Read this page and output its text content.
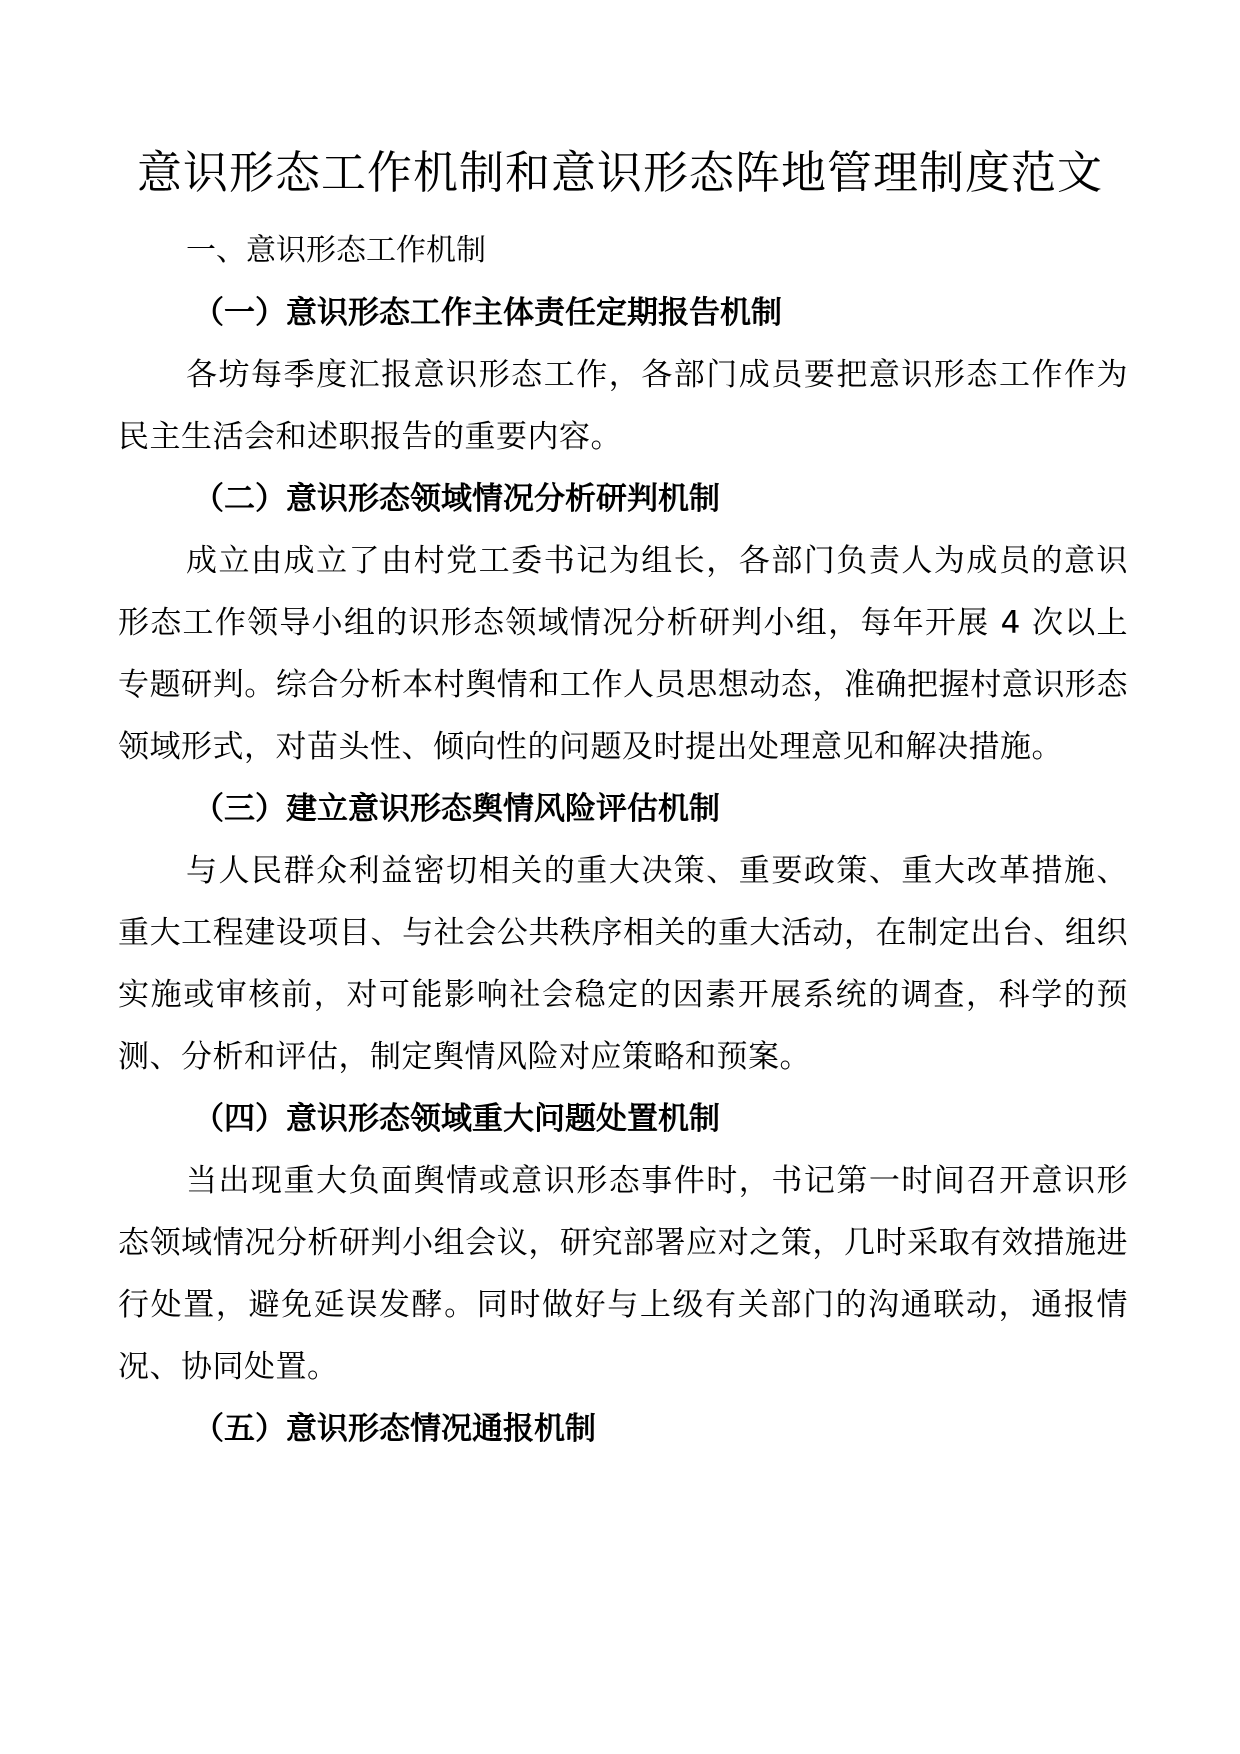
意识形态工作机制和意识形态阵地管理制度范文

一、意识形态工作机制

（一）意识形态工作主体责任定期报告机制

各坊每季度汇报意识形态工作，各部门成员要把意识形态工作作为民主生活会和述职报告的重要内容。

（二）意识形态领域情况分析研判机制

成立由成立了由村党工委书记为组长，各部门负责人为成员的意识形态工作领导小组的识形态领域情况分析研判小组，每年开展 4 次以上专题研判。综合分析本村舆情和工作人员思想动态，准确把握村意识形态领域形式，对苗头性、倾向性的问题及时提出处理意见和解决措施。

（三）建立意识形态舆情风险评估机制

与人民群众利益密切相关的重大决策、重要政策、重大改革措施、重大工程建设项目、与社会公共秩序相关的重大活动，在制定出台、组织实施或审核前，对可能影响社会稳定的因素开展系统的调查，科学的预测、分析和评估，制定舆情风险对应策略和预案。

（四）意识形态领域重大问题处置机制

当出现重大负面舆情或意识形态事件时，书记第一时间召开意识形态领域情况分析研判小组会议，研究部署应对之策，几时采取有效措施进行处置，避免延误发酵。同时做好与上级有关部门的沟通联动，通报情况、协同处置。

（五）意识形态情况通报机制
